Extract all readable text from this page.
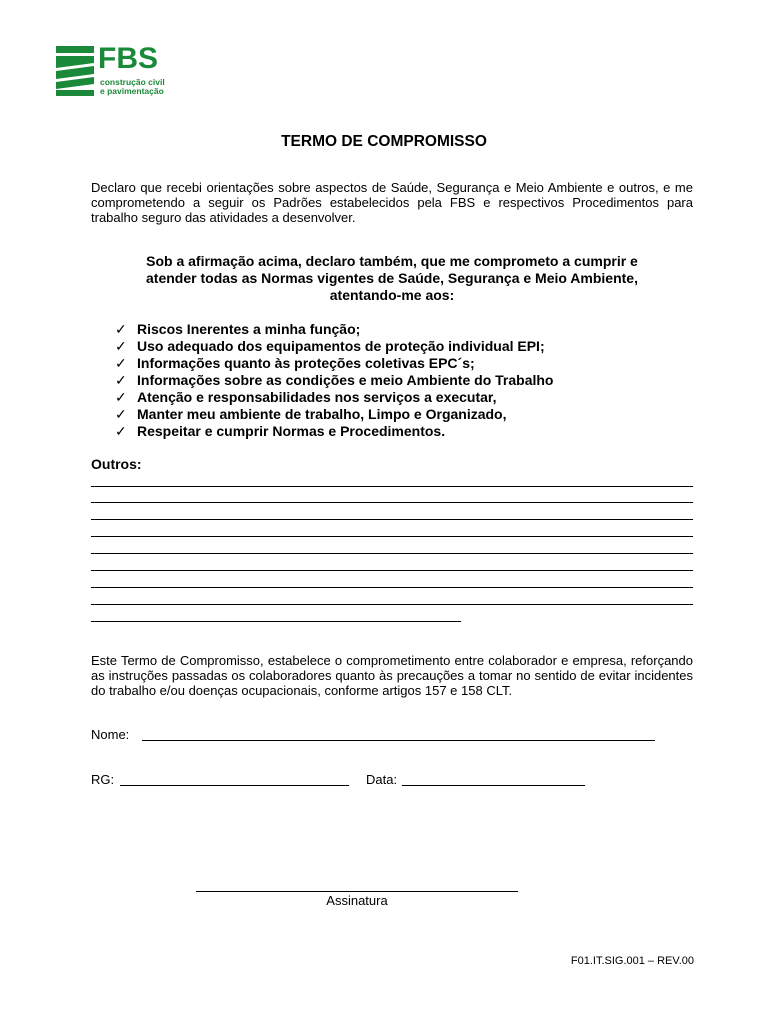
FBS
construção civil
e pavimentação
TERMO DE COMPROMISSO
Declaro que recebi orientações sobre aspectos de Saúde, Segurança e Meio Ambiente e outros, e me comprometendo a seguir os Padrões estabelecidos pela FBS e respectivos Procedimentos para trabalho seguro das atividades a desenvolver.
Sob a afirmação acima, declaro também, que me comprometo a cumprir e
atender todas as Normas vigentes de Saúde, Segurança e Meio Ambiente,
atentando-me aos:
✓ Riscos Inerentes a minha função;
✓ Uso adequado dos equipamentos de proteção individual EPI;
✓ Informações quanto às proteções coletivas EPC´s;
✓ Informações sobre as condições e meio Ambiente do Trabalho
✓ Atenção e responsabilidades nos serviços a executar,
✓ Manter meu ambiente de trabalho, Limpo e Organizado,
✓ Respeitar e cumprir Normas e Procedimentos.
Outros:
Este Termo de Compromisso, estabelece o comprometimento entre colaborador e empresa, reforçando as instruções passadas os colaboradores quanto às precauções a tomar no sentido de evitar incidentes do trabalho e/ou doenças ocupacionais, conforme artigos 157 e 158 CLT.
Nome:
RG:	Data:
Assinatura
F01.IT.SIG.001 – REV.00
